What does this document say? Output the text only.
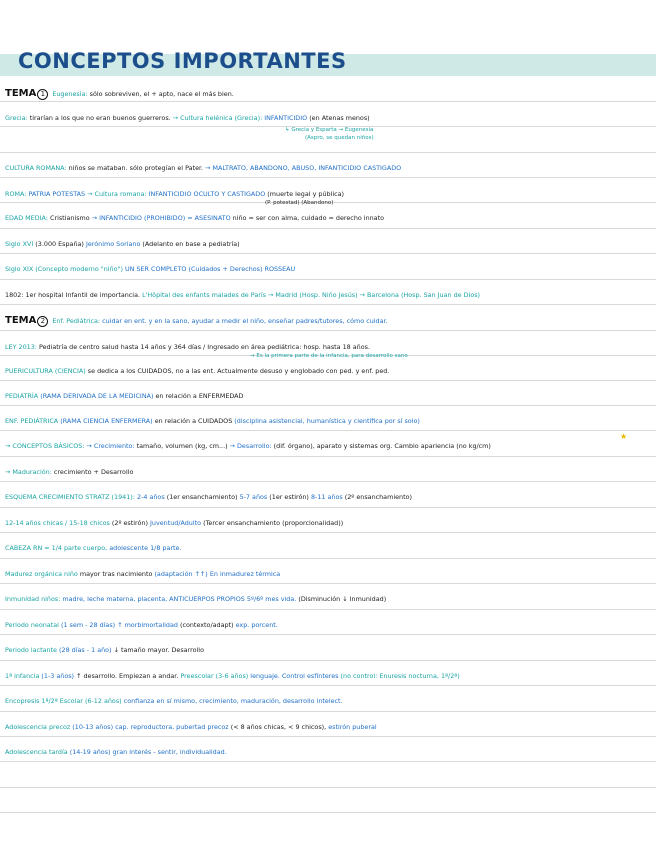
CONCEPTOS IMPORTANTES
TEMA 1 Eugenesia: sólo sobreviven, el + apto, nace el más bien.
Grecia: tirarían a los que no eran buenos guerreros. → Cultura helénica (Grecia): INFANTICIDIO (en Atenas menos)
↳ Grecia y Esparta → Eugenesia
(Aspro, se quedan niños)
CULTURA ROMANA: niños se mataban. sólo protegían el Pater. → MALTRATO, ABANDONO, ABUSO, INFANTICIDIO CASTIGADO
ROMA: PATRIA POTESTAS → Cultura romana: INFANTICIDIO OCULTO Y CASTIGADO (muerte legal y pública)
(P. potestad) (Abandono)
EDAD MEDIA: Cristianismo → INFANTICIDIO (PROHIBIDO) = ASESINATO niño = ser con alma, cuidado = derecho innato
Siglo XVI (3.000 España) Jerónimo Soriano (Adelanto en base a pediatría)
Siglo XIX (Concepto moderno "niño") UN SER COMPLETO (Cuidados + Derechos) ROSSEAU
1802: 1er hospital Infantil de importancia. L'Hôpital des enfants malades de París → Madrid (Hosp. Niño Jesús) → Barcelona (Hosp. San Juan de Dios)
TEMA 2 Enf. Pediátrica: cuidar en ent. y en la sano, ayudar a medir el niño, enseñar padres/tutores, cómo cuidar.
LEY 2013: Pediatría de centro salud hasta 14 años y 364 días / Ingresado en área pediátrica: hosp. hasta 18 años.
→ Es la primera parte de la infancia, para desarrollo sano
PUERICULTURA (CIENCIA) se dedica a los CUIDADOS, no a las ent. Actualmente desuso y englobado con ped. y enf. ped.
PEDIATRÍA (RAMA DERIVADA DE LA MEDICINA) en relación a ENFERMEDAD
ENF. PEDIÁTRICA (RAMA CIENCIA ENFERMERA) en relación a CUIDADOS (disciplina asistencial, humanística y científica por sí solo)
★
→ CONCEPTOS BÁSICOS: → Crecimiento: tamaño, volumen (kg, cm...) → Desarrollo: (dif. órgano), aparato y sistemas org. Cambio apariencia (no kg/cm)
→ Maduración: crecimiento + Desarrollo
ESQUEMA CRECIMIENTO STRATZ (1941): 2-4 años (1er ensanchamiento) 5-7 años (1er estirón) 8-11 años (2º ensanchamiento)
12-14 años chicas / 15-18 chicos (2º estirón) Juventud/Adulto (Tercer ensanchamiento (proporcionalidad))
CABEZA RN = 1/4 parte cuerpo, adolescente 1/8 parte.
Madurez orgánica niño mayor tras nacimiento (adaptación ↑↑) En inmadurez térmica
Inmunidad niños: madre, leche materna, placenta, ANTICUERPOS PROPIOS 5º/6º mes vida. (Disminución ↓ Inmunidad)
Periodo neonatal (1 sem - 28 días) ↑ morbimortalidad (contexto/adapt) exp. porcent.
Periodo lactante (28 días - 1 año) ↓ tamaño mayor. Desarrollo
1ª infancia (1-3 años) ↑ desarrollo. Empiezan a andar. Preescolar (3-6 años) lenguaje. Control esfínteres (no control: Enuresis nocturna, 1ª/2ª)
Encopresis 1ª/2ª Escolar (6-12 años) confianza en sí mismo, crecimiento, maduración, desarrollo intelect.
Adolescencia precoz (10-13 años) cap. reproductora, pubertad precoz (< 8 años chicas, < 9 chicos), estirón puberal
Adolescencia tardía (14-19 años) gran interés - sentir, individualidad.
